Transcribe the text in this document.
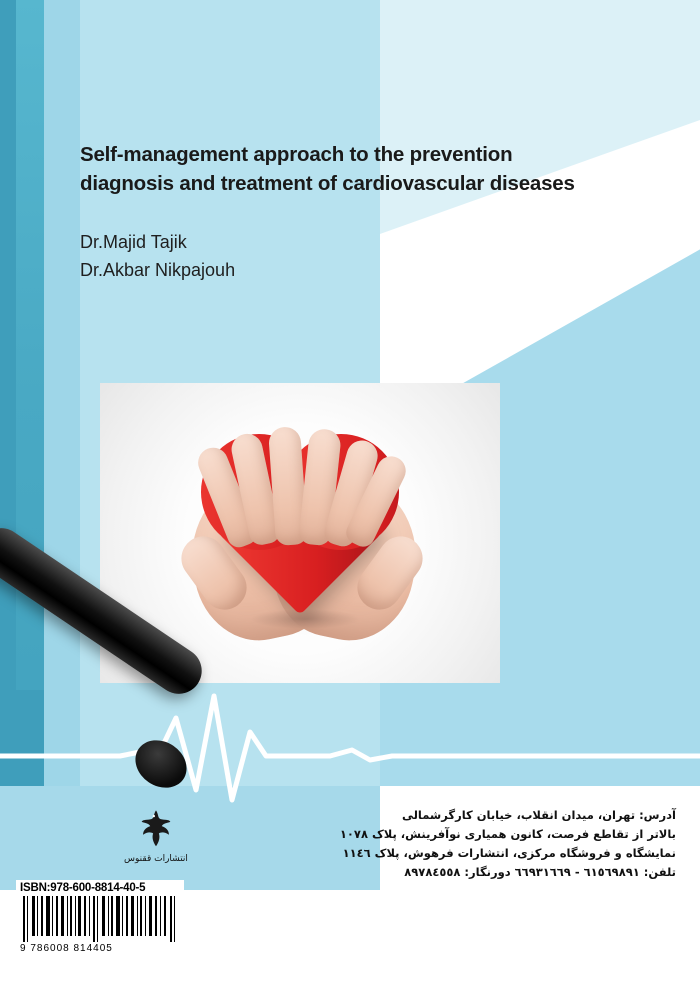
Self-management approach to the prevention
diagnosis and treatment of cardiovascular diseases
Dr.Majid Tajik
Dr.Akbar Nikpajouh
انتشارات ققنوس
آدرس: تهران، میدان انقلاب، خیابان کارگرشمالی
بالاتر از تقاطع فرصت، کانون همیاری نوآفرینش، پلاک ۱۰۷۸
نمایشگاه و فروشگاه مرکزی، انتشارات فرهوش، پلاک ۱۱٤٦
تلفن: ٦١٥٦٩٨٩١ - ٦٦٩٣١٦٦٩ دورنگار: ٨٩٧٨٤٥٥٨
ISBN:978-600-8814-40-5
9 786008 814405
